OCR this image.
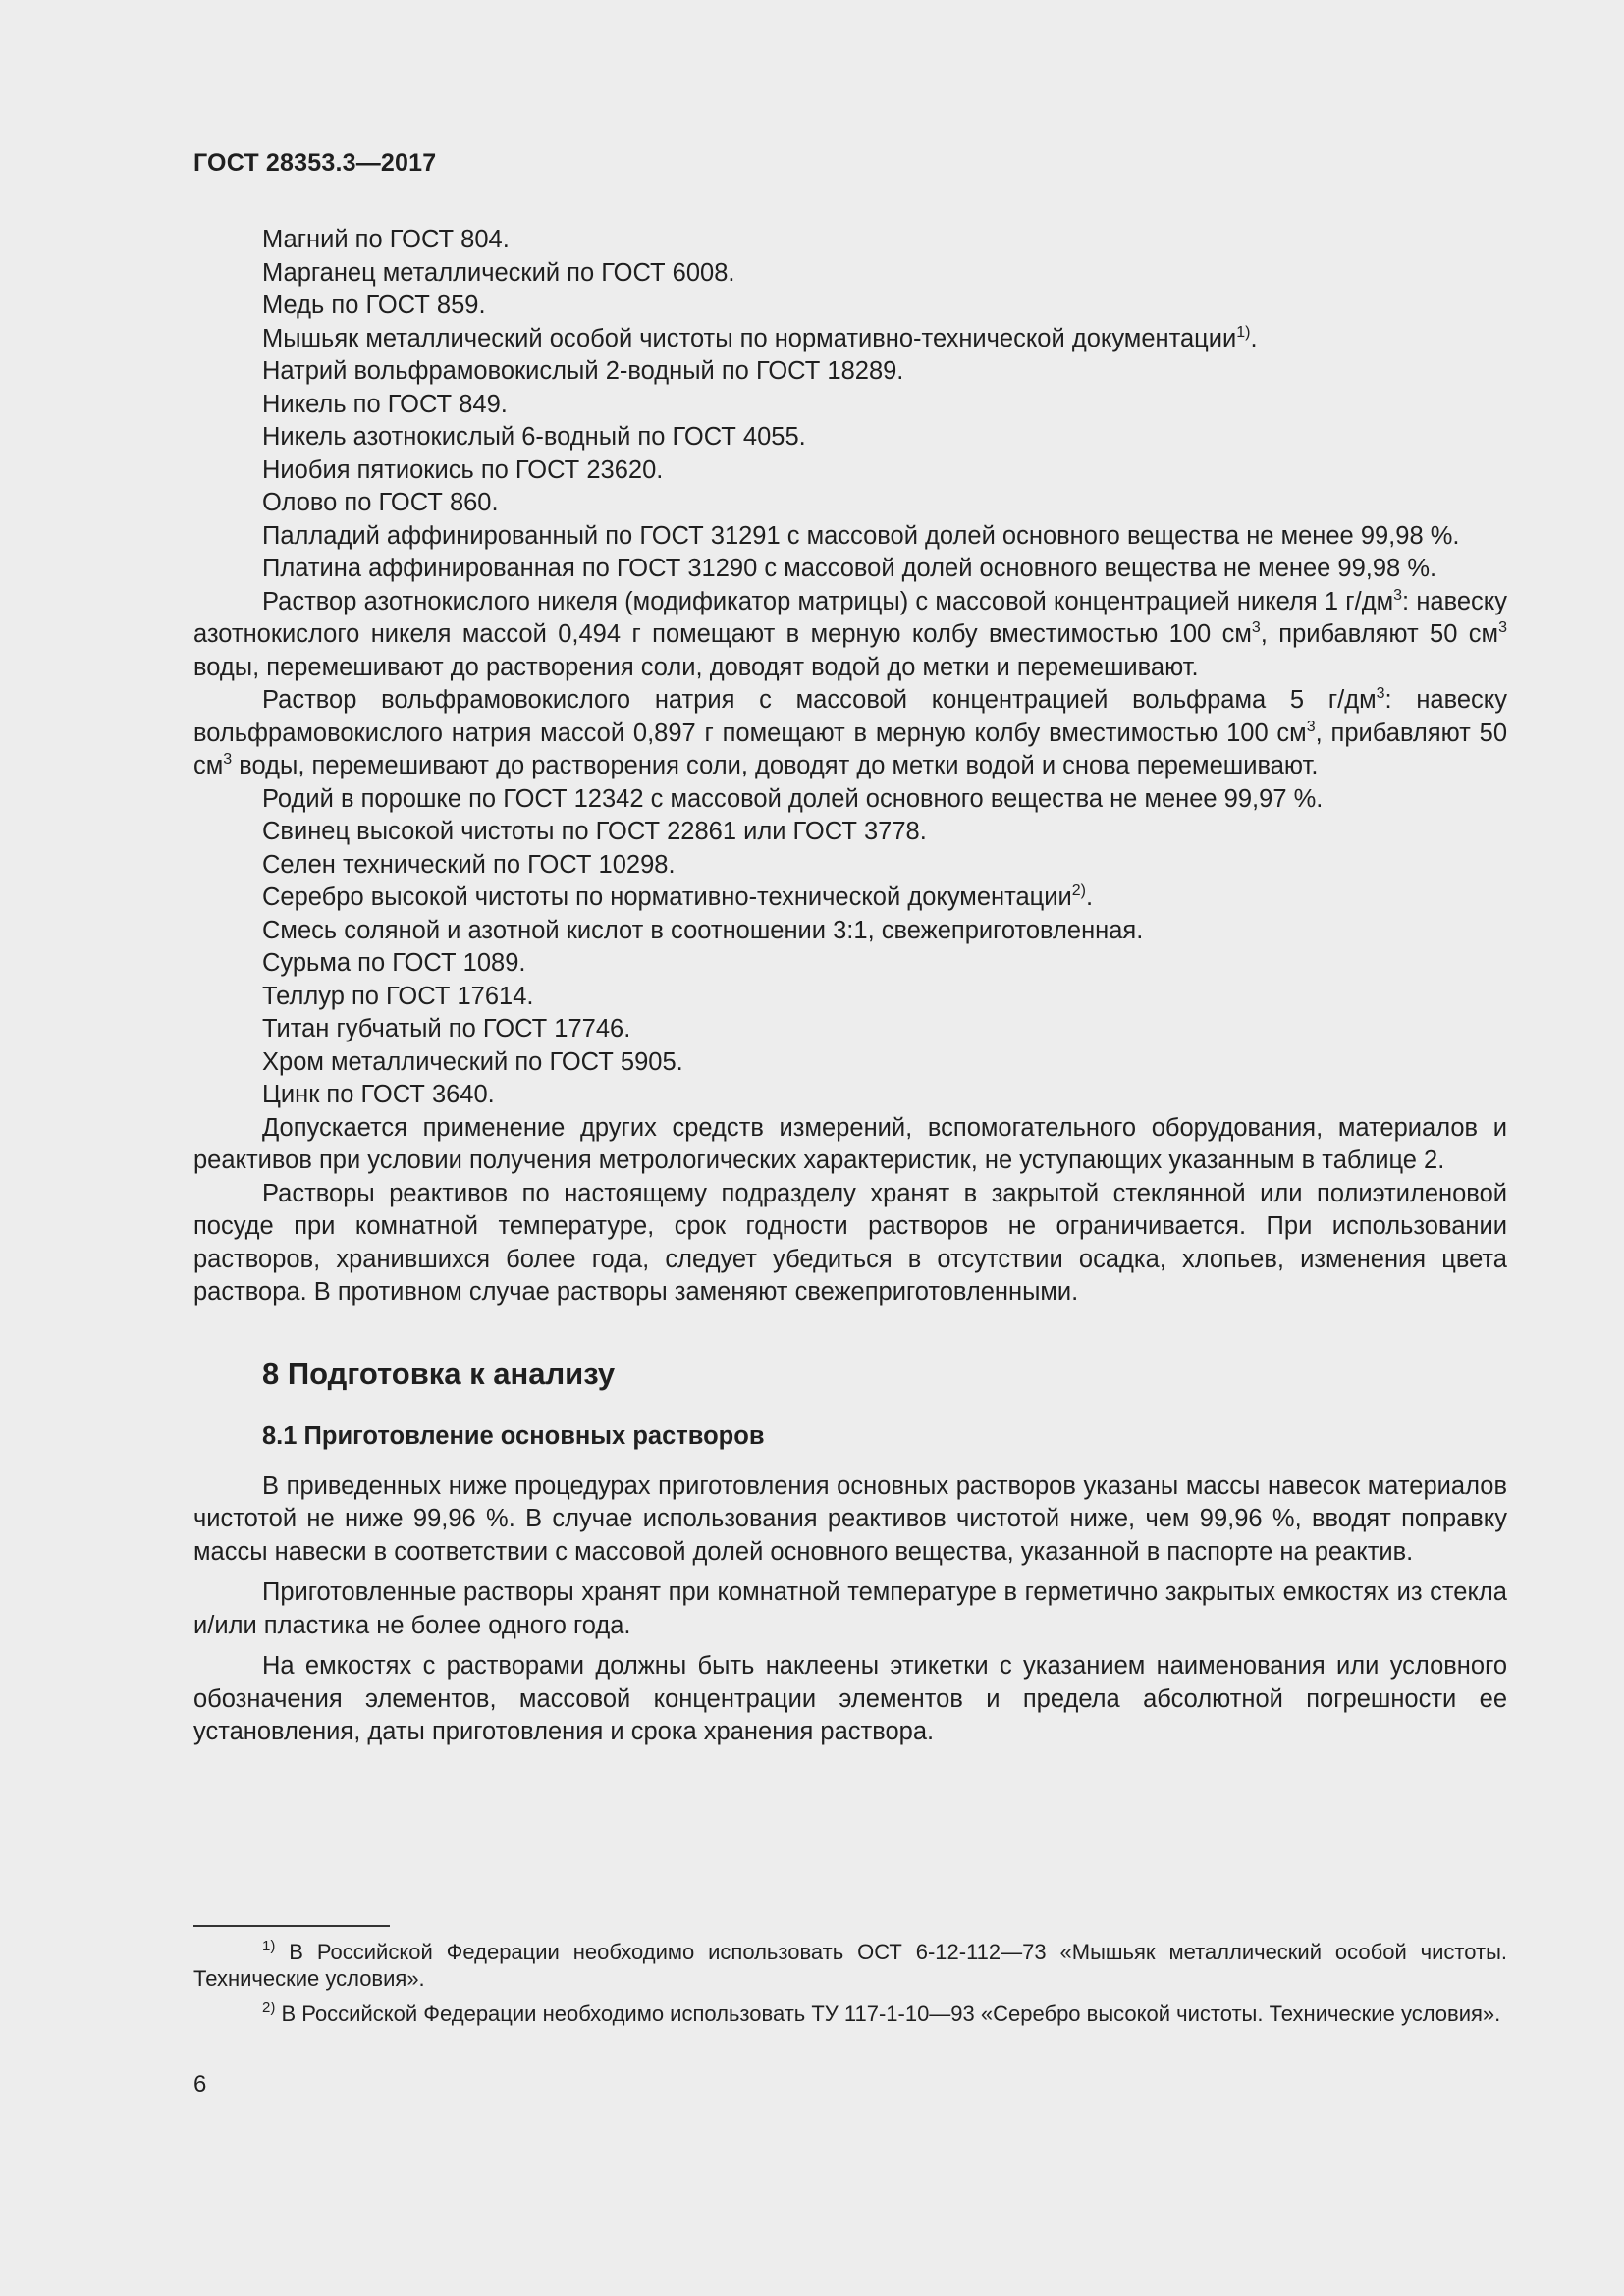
ГОСТ 28353.3—2017

Магний по ГОСТ 804.

Марганец металлический по ГОСТ 6008.

Медь по ГОСТ 859.

Мышьяк металлический особой чистоты по нормативно-технической документации$^{1)}$.

Натрий вольфрамовокислый 2-водный по ГОСТ 18289.

Никель по ГОСТ 849.

Никель азотнокислый 6-водный по ГОСТ 4055.

Ниобия пятиокись по ГОСТ 23620.

Олово по ГОСТ 860.

Палладий аффинированный по ГОСТ 31291 с массовой долей основного вещества не менее 99,98 %.

Платина аффинированная по ГОСТ 31290 с массовой долей основного вещества не менее 99,98 %.

Раствор азотнокислого никеля (модификатор матрицы) с массовой концентрацией никеля 1 $г/дм^3$: навеску азотнокислого никеля массой 0,494 г помещают в мерную колбу вместимостью 100 $см^3$, прибавляют 50 $см^3$ воды, перемешивают до растворения соли, доводят водой до метки и перемешивают.

Раствор вольфрамовокислого натрия с массовой концентрацией вольфрама 5 $г/дм^3$: навеску вольфрамовокислого натрия массой 0,897 г помещают в мерную колбу вместимостью 100 $см^3$, прибавляют 50 $см^3$ воды, перемешивают до растворения соли, доводят до метки водой и снова перемешивают.

Родий в порошке по ГОСТ 12342 с массовой долей основного вещества не менее 99,97 %.

Свинец высокой чистоты по ГОСТ 22861 или ГОСТ 3778.

Селен технический по ГОСТ 10298.

Серебро высокой чистоты по нормативно-технической документации$^{2)}$.

Смесь соляной и азотной кислот в соотношении 3:1, свежеприготовленная.

Сурьма по ГОСТ 1089.

Теллур по ГОСТ 17614.

Титан губчатый по ГОСТ 17746.

Хром металлический по ГОСТ 5905.

Цинк по ГОСТ 3640.

Допускается применение других средств измерений, вспомогательного оборудования, материалов и реактивов при условии получения метрологических характеристик, не уступающих указанным в таблице 2.

Растворы реактивов по настоящему подразделу хранят в закрытой стеклянной или полиэтиленовой посуде при комнатной температуре, срок годности растворов не ограничивается. При использовании растворов, хранившихся более года, следует убедиться в отсутствии осадка, хлопьев, изменения цвета раствора. В противном случае растворы заменяют свежеприготовленными.

8 Подготовка к анализу
8.1 Приготовление основных растворов

В приведенных ниже процедурах приготовления основных растворов указаны массы навесок материалов чистотой не ниже 99,96 %. В случае использования реактивов чистотой ниже, чем 99,96 %, вводят поправку массы навески в соответствии с массовой долей основного вещества, указанной в паспорте на реактив.

Приготовленные растворы хранят при комнатной температуре в герметично закрытых емкостях из стекла и/или пластика не более одного года.

На емкостях с растворами должны быть наклеены этикетки с указанием наименования или условного обозначения элементов, массовой концентрации элементов и предела абсолютной погрешности ее установления, даты приготовления и срока хранения раствора.

$^{1)}$ В Российской Федерации необходимо использовать ОСТ 6-12-112—73 «Мышьяк металлический особой чистоты. Технические условия».

$^{2)}$ В Российской Федерации необходимо использовать ТУ 117-1-10—93 «Серебро высокой чистоты. Технические условия».

6
